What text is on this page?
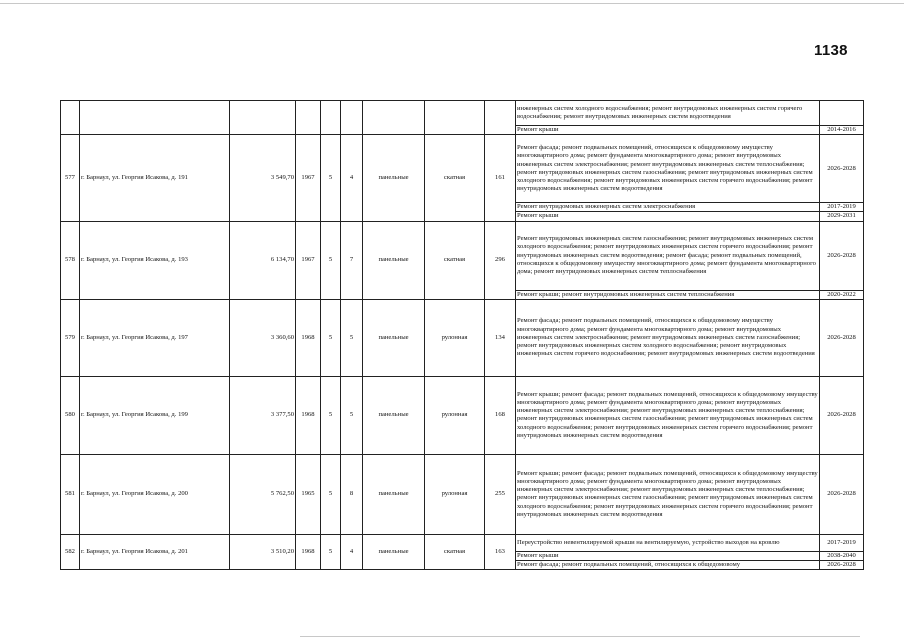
1138
									инженерных систем холодного водоснабжения; ремонт внутридомовых инженерных систем горячего водоснабжения; ремонт внутридомовых инженерных систем водоотведения	
									Ремонт крыши	2014-2016
577	г. Барнаул, ул. Георгия Исакова, д. 191	3 549,70	1967	5	4	панельные	скатная	161	Ремонт фасада; ремонт подвальных помещений, относящихся к общедомовому имуществу многоквартирного дома; ремонт фундамента многоквартирного дома; ремонт внутридомовых инженерных систем электроснабжения; ремонт внутридомовых инженерных систем теплоснабжения; ремонт внутридомовых инженерных систем газоснабжения; ремонт внутридомовых инженерных систем холодного водоснабжения; ремонт внутридомовых инженерных систем горячего водоснабжения; ремонт внутридомовых инженерных систем водоотведения	2026-2028
									Ремонт внутридомовых инженерных систем электроснабжения	2017-2019
									Ремонт крыши	2029-2031
578	г. Барнаул, ул. Георгия Исакова, д. 193	6 134,70	1967	5	7	панельные	скатная	296	Ремонт внутридомовых инженерных систем газоснабжения; ремонт внутридомовых инженерных систем холодного водоснабжения; ремонт внутридомовых инженерных систем горячего водоснабжения; ремонт внутридомовых инженерных систем водоотведения; ремонт фасада; ремонт подвальных помещений, относящихся к общедомовому имуществу многоквартирного дома; ремонт фундамента многоквартирного дома; ремонт внутридомовых инженерных систем теплоснабжения	2026-2028
									Ремонт крыши; ремонт внутридомовых инженерных систем теплоснабжения	2020-2022
579	г. Барнаул, ул. Георгия Исакова, д. 197	3 360,60	1968	5	5	панельные	рулонная	134	Ремонт фасада; ремонт подвальных помещений, относящихся к общедомовому имуществу многоквартирного дома; ремонт фундамента многоквартирного дома; ремонт внутридомовых инженерных систем электроснабжения; ремонт внутридомовых инженерных систем газоснабжения; ремонт внутридомовых инженерных систем холодного водоснабжения; ремонт внутридомовых инженерных систем горячего водоснабжения; ремонт внутридомовых инженерных систем водоотведения	2026-2028
580	г. Барнаул, ул. Георгия Исакова, д. 199	3 377,50	1968	5	5	панельные	рулонная	168	Ремонт крыши; ремонт фасада; ремонт подвальных помещений, относящихся к общедомовому имуществу многоквартирного дома; ремонт фундамента многоквартирного дома; ремонт внутридомовых инженерных систем электроснабжения; ремонт внутридомовых инженерных систем теплоснабжения; ремонт внутридомовых инженерных систем газоснабжения; ремонт внутридомовых инженерных систем холодного водоснабжения; ремонт внутридомовых инженерных систем горячего водоснабжения; ремонт внутридомовых инженерных систем водоотведения	2026-2028
581	г. Барнаул, ул. Георгия Исакова, д. 200	5 762,50	1965	5	8	панельные	рулонная	255	Ремонт крыши; ремонт фасада; ремонт подвальных помещений, относящихся к общедомовому имуществу многоквартирного дома; ремонт фундамента многоквартирного дома; ремонт внутридомовых инженерных систем электроснабжения; ремонт внутридомовых инженерных систем теплоснабжения; ремонт внутридомовых инженерных систем газоснабжения; ремонт внутридомовых инженерных систем холодного водоснабжения; ремонт внутридомовых инженерных систем горячего водоснабжения; ремонт внутридомовых инженерных систем водоотведения	2026-2028
582	г. Барнаул, ул. Георгия Исакова, д. 201	3 510,20	1968	5	4	панельные	скатная	163	Переустройство невентилируемой крыши на вентилируемую, устройство выходов на кровлю	2017-2019
									Ремонт крыши	2038-2040
									Ремонт фасада; ремонт подвальных помещений, относящихся к общедомовому	2026-2028
